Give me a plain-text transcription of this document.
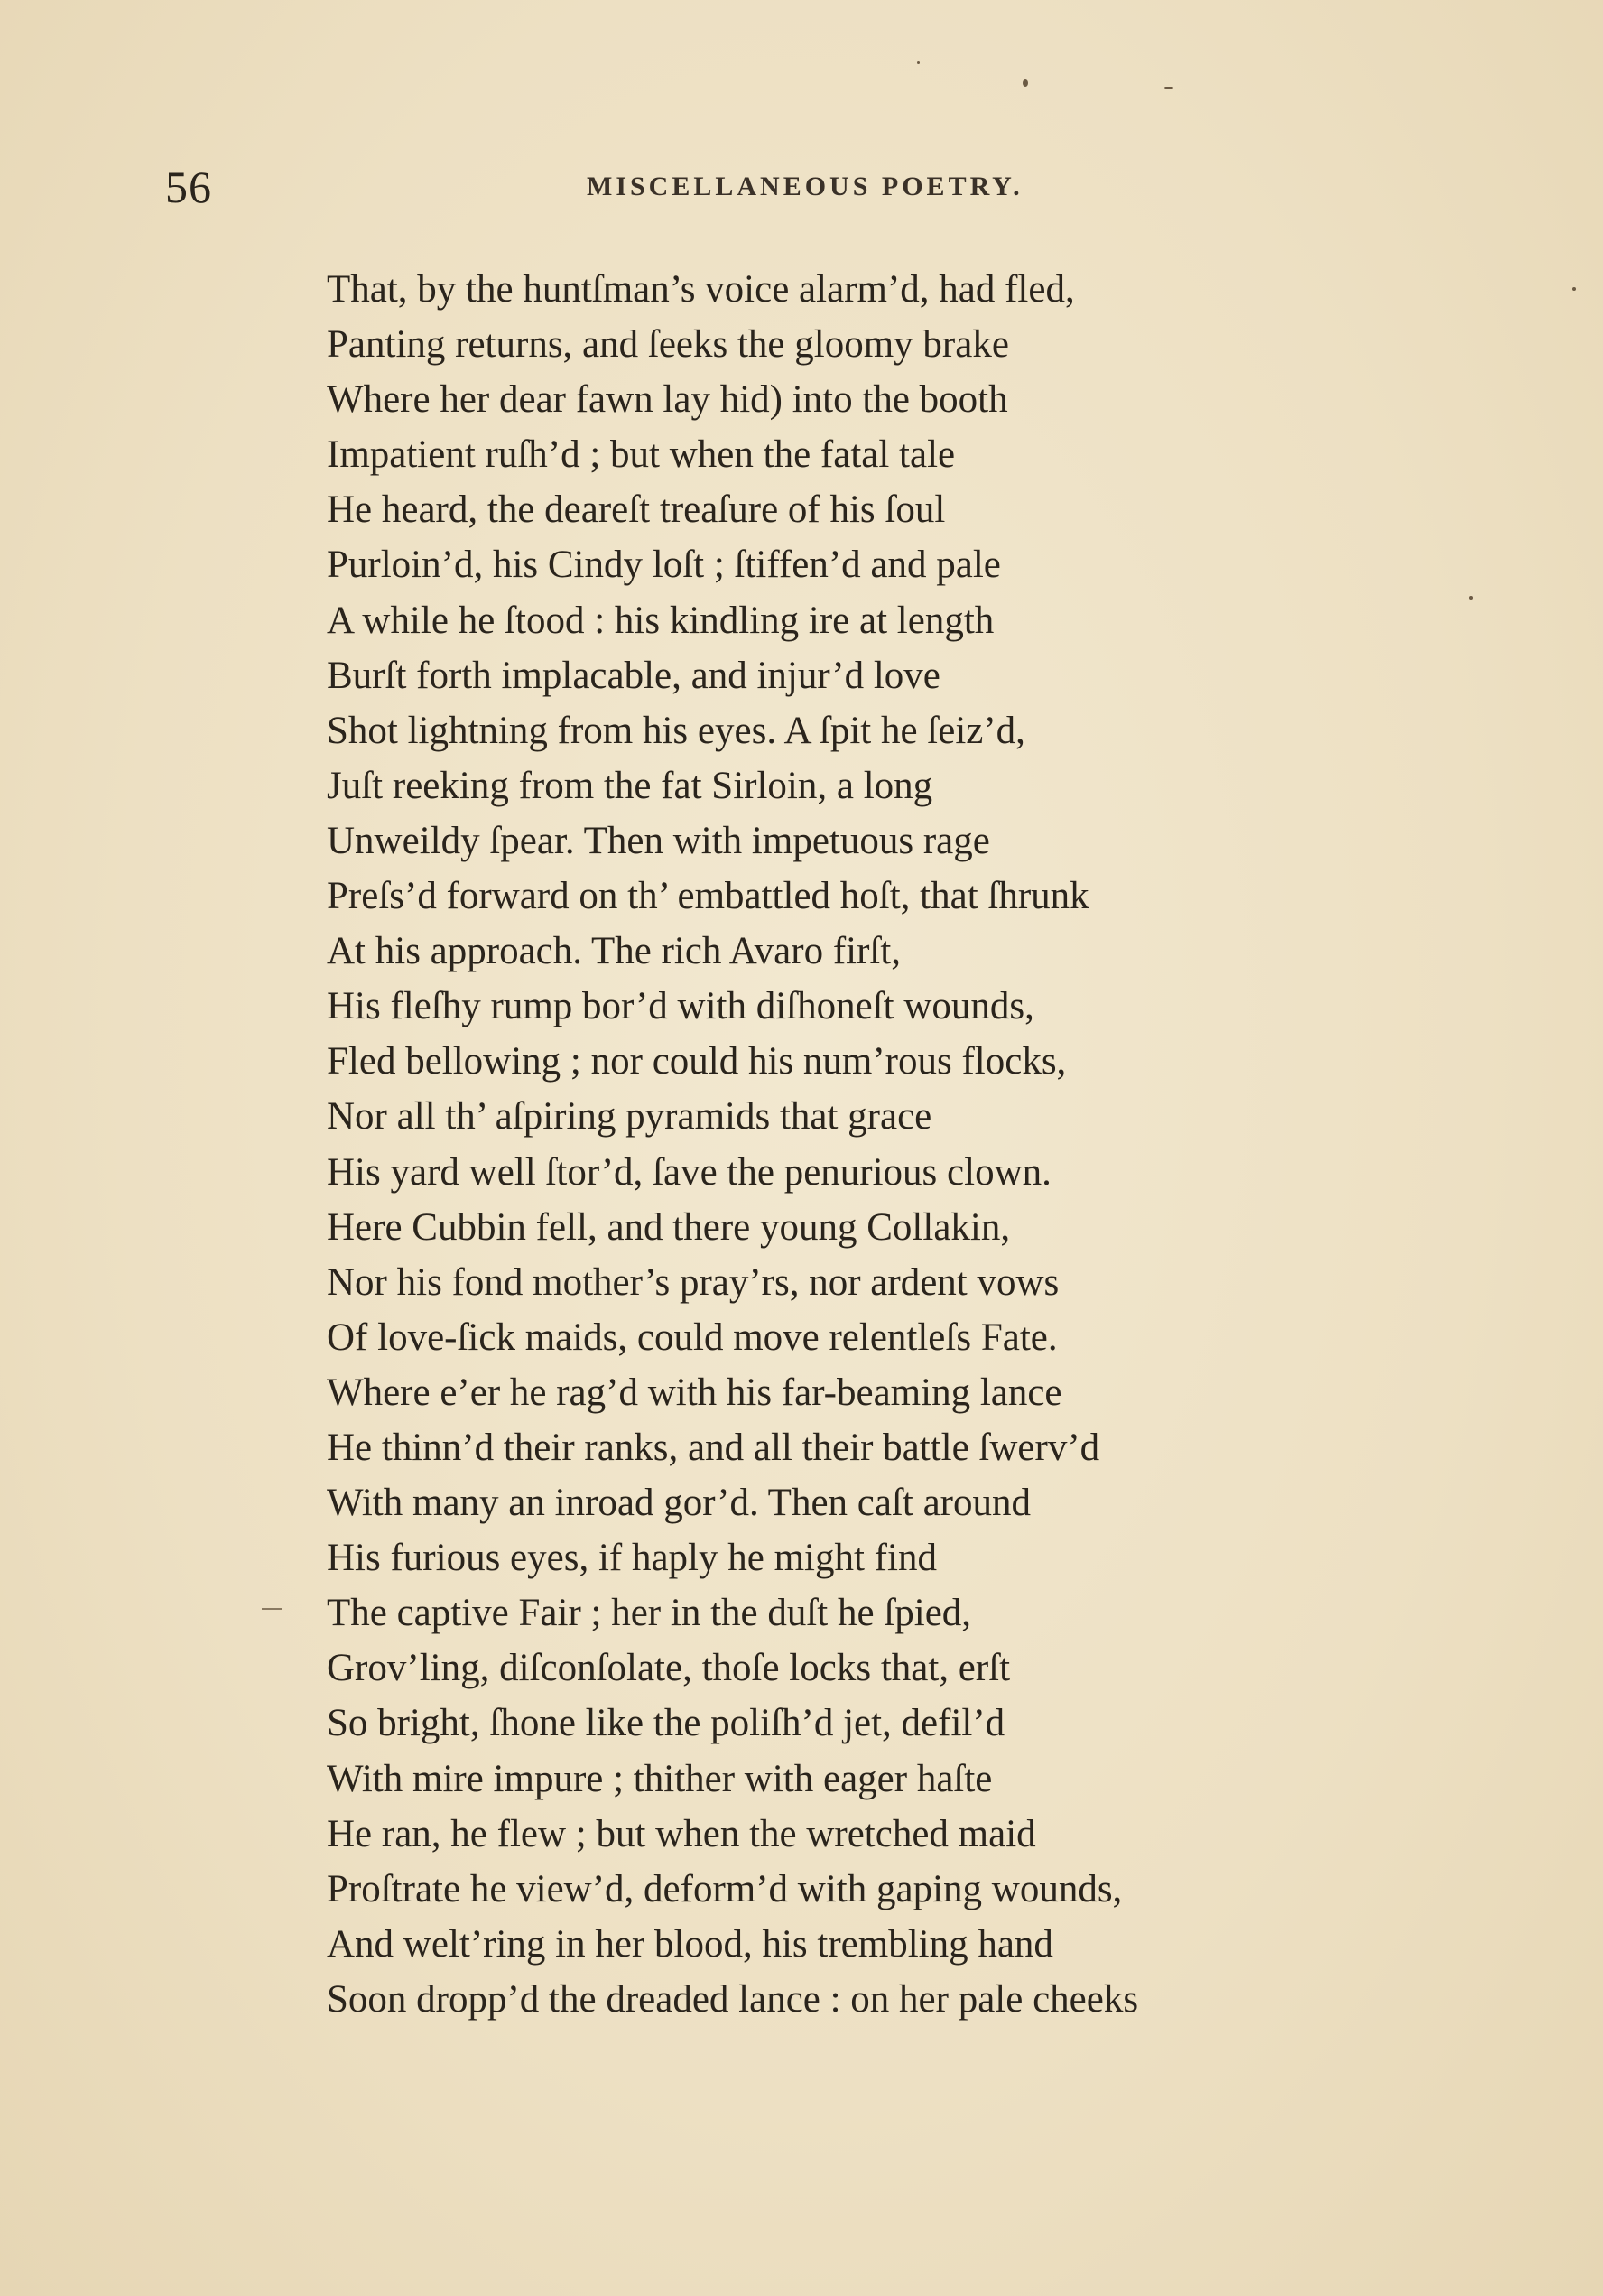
56	MISCELLANEOUS POETRY.
That, by the huntſman’s voice alarm’d, had fled,
Panting returns, and ſeeks the gloomy brake
Where her dear fawn lay hid) into the booth
Impatient ruſh’d ; but when the fatal tale
He heard, the deareſt treaſure of his ſoul
Purloin’d, his Cindy loſt ; ſtiffen’d and pale
A while he ſtood : his kindling ire at length
Burſt forth implacable, and injur’d love
Shot lightning from his eyes. A ſpit he ſeiz’d,
Juſt reeking from the fat Sirloin, a long
Unweildy ſpear. Then with impetuous rage
Preſs’d forward on th’ embattled hoſt, that ſhrunk
At his approach. The rich Avaro firſt,
His fleſhy rump bor’d with diſhoneſt wounds,
Fled bellowing ; nor could his num’rous flocks,
Nor all th’ aſpiring pyramids that grace
His yard well ſtor’d, ſave the penurious clown.
Here Cubbin fell, and there young Collakin,
Nor his fond mother’s pray’rs, nor ardent vows
Of love-ſick maids, could move relentleſs Fate.
Where e’er he rag’d with his far-beaming lance
He thinn’d their ranks, and all their battle ſwerv’d
With many an inroad gor’d. Then caſt around
His furious eyes, if haply he might find
The captive Fair ; her in the duſt he ſpied,
Grov’ling, diſconſolate, thoſe locks that, erſt
So bright, ſhone like the poliſh’d jet, defil’d
With mire impure ; thither with eager haſte
He ran, he flew ; but when the wretched maid
Proſtrate he view’d, deform’d with gaping wounds,
And welt’ring in her blood, his trembling hand
Soon dropp’d the dreaded lance : on her pale cheeks
